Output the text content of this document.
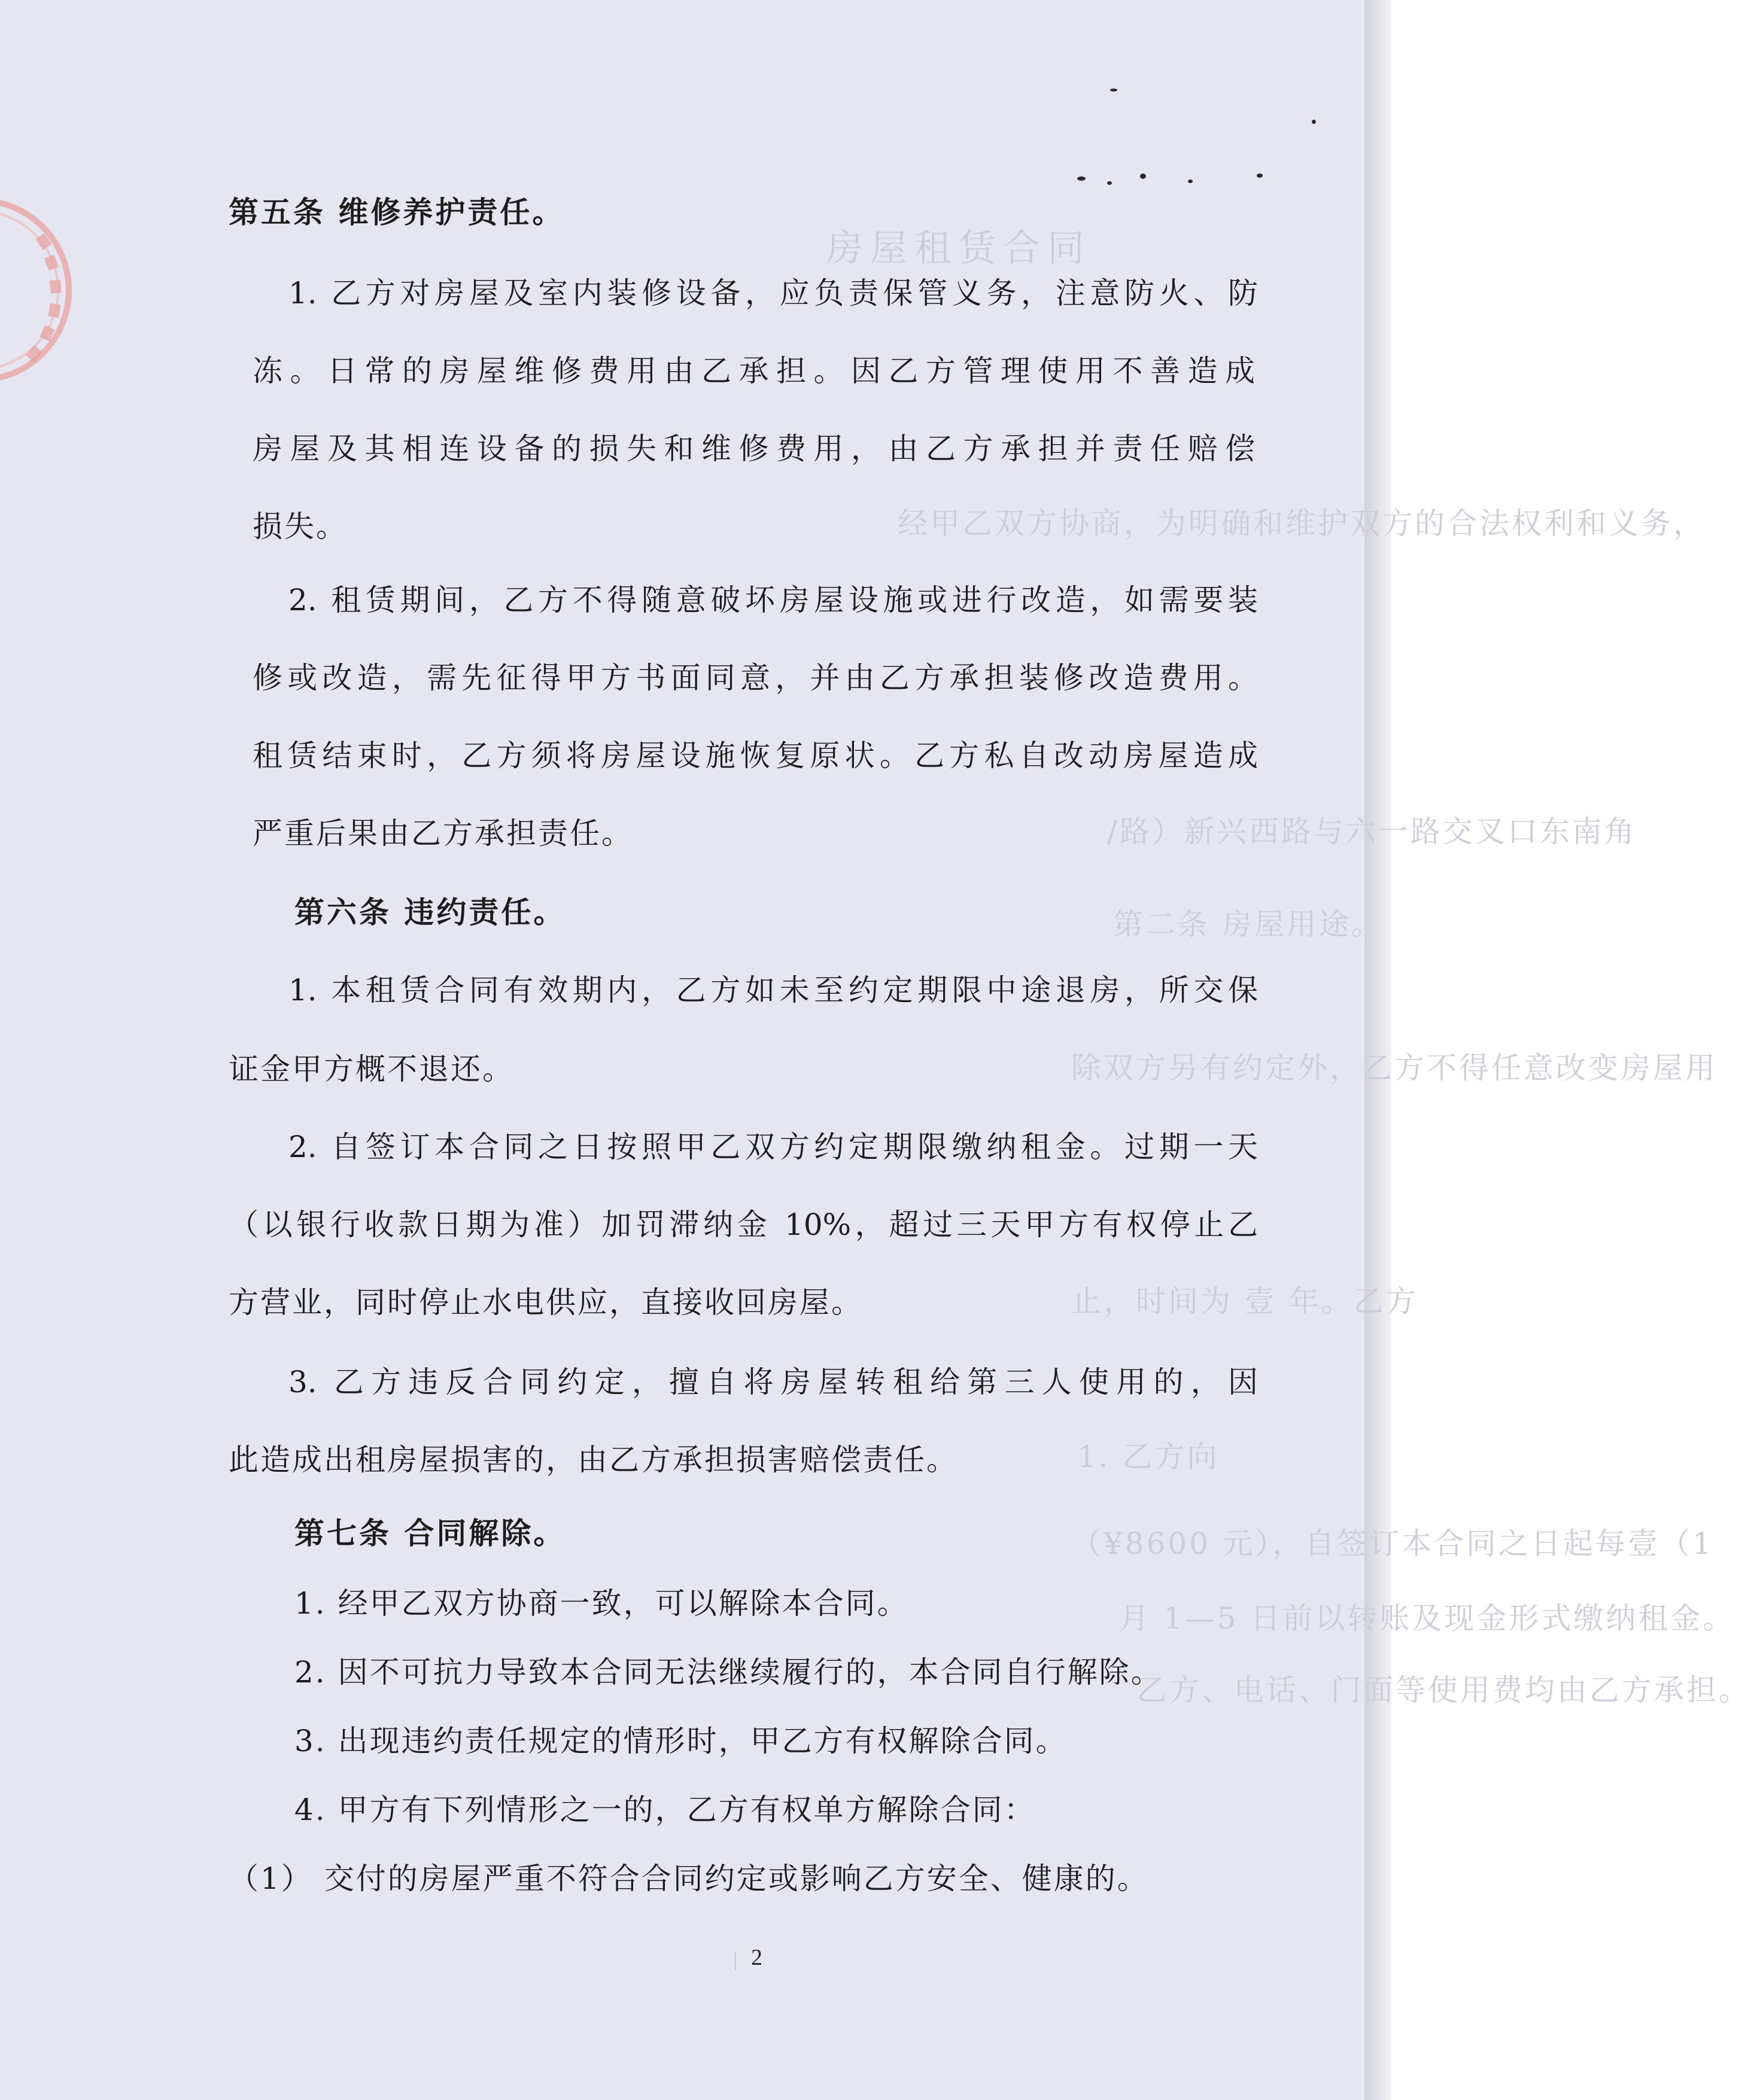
房屋租赁合同
经甲乙双方协商，为明确和维护双方的合法权利和义务，
/路）新兴西路与六一路交叉口东南角
第二条 房屋用途。
除双方另有约定外，乙方不得任意改变房屋用
止，时间为 壹 年。乙方
1. 乙方向
（¥8600 元），自签订本合同之日起每壹（1
月 1—5 日前以转账及现金形式缴纳租金。
乙方、电话、门面等使用费均由乙方承担。
第五条 维修养护责任。
1. 乙方对房屋及室内装修设备，应负责保管义务，注意防火、防
冻。日常的房屋维修费用由乙承担。因乙方管理使用不善造成
房屋及其相连设备的损失和维修费用，由乙方承担并责任赔偿
损失。
2. 租赁期间，乙方不得随意破坏房屋设施或进行改造，如需要装
修或改造，需先征得甲方书面同意，并由乙方承担装修改造费用。
租赁结束时，乙方须将房屋设施恢复原状。乙方私自改动房屋造成
严重后果由乙方承担责任。
第六条 违约责任。
1. 本租赁合同有效期内，乙方如未至约定期限中途退房，所交保
证金甲方概不退还。
2. 自签订本合同之日按照甲乙双方约定期限缴纳租金。过期一天
（以银行收款日期为准）加罚滞纳金 10%，超过三天甲方有权停止乙
方营业，同时停止水电供应，直接收回房屋。
3. 乙方违反合同约定，擅自将房屋转租给第三人使用的，因
此造成出租房屋损害的，由乙方承担损害赔偿责任。
第七条 合同解除。
1. 经甲乙双方协商一致，可以解除本合同。
2. 因不可抗力导致本合同无法继续履行的，本合同自行解除。
3. 出现违约责任规定的情形时，甲乙方有权解除合同。
4. 甲方有下列情形之一的，乙方有权单方解除合同：
（1） 交付的房屋严重不符合合同约定或影响乙方安全、健康的。
2
